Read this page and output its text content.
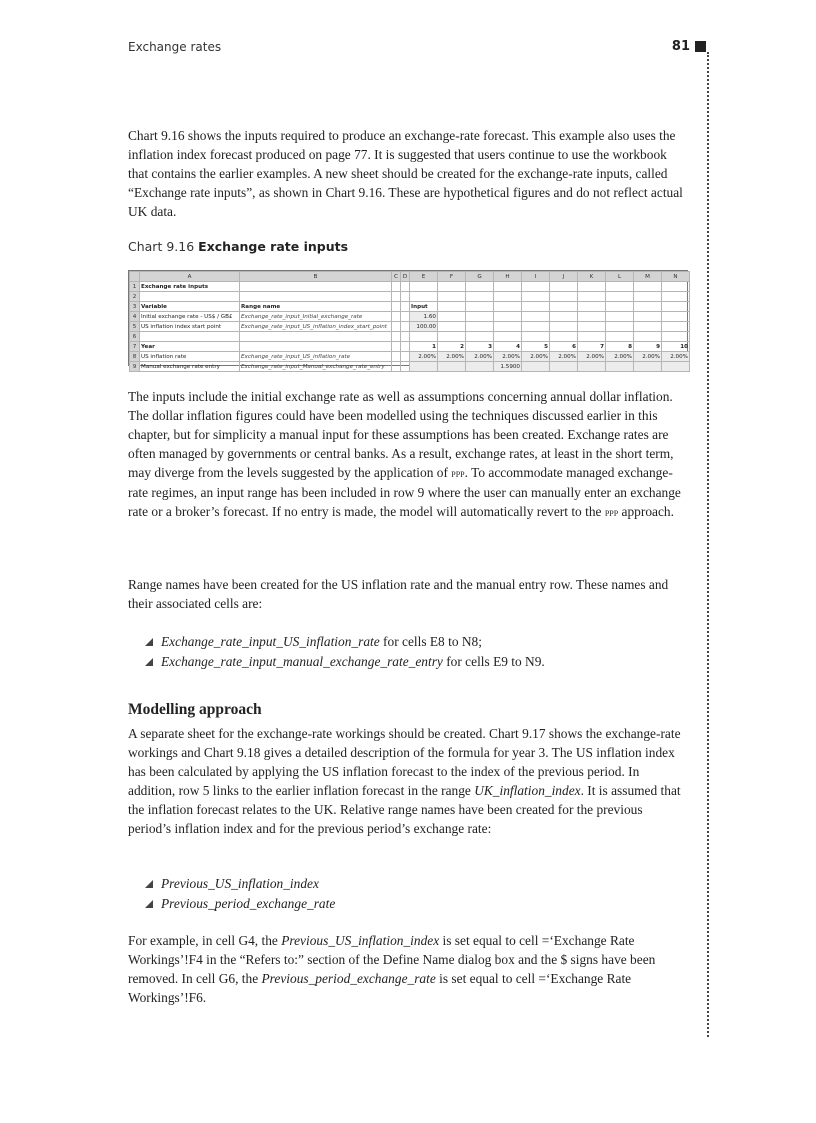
Exchange rates	81

Chart 9.16 shows the inputs required to produce an exchange-rate forecast. This example also uses the inflation index forecast produced on page 77. It is suggested that users continue to use the workbook that contains the earlier examples. A new sheet should be created for the exchange-rate inputs, called “Exchange rate inputs”, as shown in Chart 9.16. These are hypothetical figures and do not reflect actual UK data.

Chart 9.16 Exchange rate inputs
	A	B	C	D	E	F	G	H	I	J	K	L	M	N
1	Exchange rate inputs													
2														
3	Variable	Range name			Input									
4	Initial exchange rate - US$ / GB£	Exchange_rate_input_Initial_exchange_rate			1.60									
5	US inflation index start point	Exchange_rate_input_US_inflation_index_start_point			100.00									
6														
7	Year				1	2	3	4	5	6	7	8	9	10
8	US inflation rate	Exchange_rate_input_US_inflation_rate			2.00%	2.00%	2.00%	2.00%	2.00%	2.00%	2.00%	2.00%	2.00%	2.00%
9	Manual exchange rate entry	Exchange_rate_input_Manual_exchange_rate_entry						1.5900						

The inputs include the initial exchange rate as well as assumptions concerning annual dollar inflation. The dollar inflation figures could have been modelled using the techniques discussed earlier in this chapter, but for simplicity a manual input for these assumptions has been created. Exchange rates are often managed by governments or central banks. As a result, exchange rates, at least in the short term, may diverge from the levels suggested by the application of ppp. To accommodate managed exchange-rate regimes, an input range has been included in row 9 where the user can manually enter an exchange rate or a broker’s forecast. If no entry is made, the model will automatically revert to the ppp approach.

Range names have been created for the US inflation rate and the manual entry row. These names and their associated cells are:

Exchange_rate_input_US_inflation_rate for cells E8 to N8;
Exchange_rate_input_manual_exchange_rate_entry for cells E9 to N9.
Modelling approach

A separate sheet for the exchange-rate workings should be created. Chart 9.17 shows the exchange-rate workings and Chart 9.18 gives a detailed description of the formula for year 3. The US inflation index has been calculated by applying the US inflation forecast to the index of the previous period. In addition, row 5 links to the earlier inflation forecast in the range UK_inflation_index. It is assumed that the inflation forecast relates to the UK. Relative range names have been created for the previous period’s inflation index and for the previous period’s exchange rate:

Previous_US_inflation_index
Previous_period_exchange_rate

For example, in cell G4, the Previous_US_inflation_index is set equal to cell =‘Exchange Rate Workings’!F4 in the “Refers to:” section of the Define Name dialog box and the $ signs have been removed. In cell G6, the Previous_period_exchange_rate is set equal to cell =‘Exchange Rate Workings’!F6.
